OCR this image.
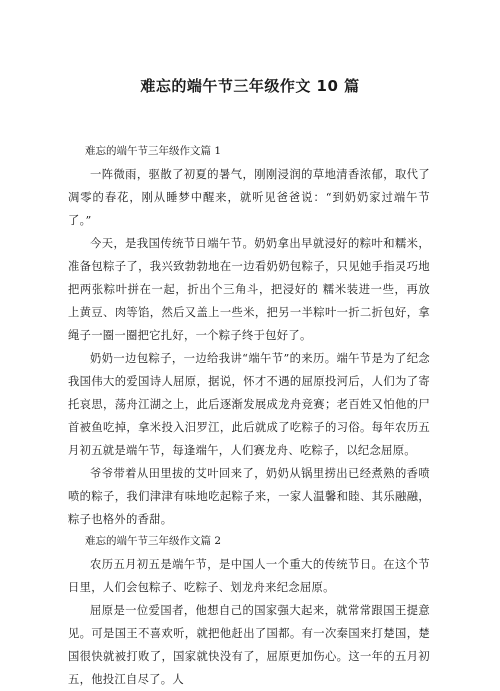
难忘的端午节三年级作文 10 篇
难忘的端午节三年级作文篇 1

一阵微雨，驱散了初夏的暑气，刚刚浸润的草地清香浓郁，取代了凋零的春花，刚从睡梦中醒来，就听见爸爸说：“到奶奶家过端午节了。”

今天，是我国传统节日端午节。奶奶拿出早就浸好的粽叶和糯米，准备包粽子了，我兴致勃勃地在一边看奶奶包粽子，只见她手指灵巧地把两张粽叶拼在一起，折出个三角斗，把浸好的 糯米装进一些，再放上黄豆、肉等馅，然后又盖上一些米，把另一半粽叶一折二折包好，拿绳子一圈一圈把它扎好，一个粽子终于包好了。

奶奶一边包粽子，一边给我讲“端午节”的来历。端午节是为了纪念我国伟大的爱国诗人屈原，据说，怀才不遇的屈原投河后，人们为了寄托哀思，荡舟江湖之上，此后逐渐发展成龙舟竞赛；老百姓又怕他的尸首被鱼吃掉，拿米投入汨罗江，此后就成了吃粽子的习俗。每年农历五月初五就是端午节，每逢端午，人们赛龙舟、吃粽子，以纪念屈原。

爷爷带着从田里拔的艾叶回来了，奶奶从锅里捞出已经煮熟的香喷喷的粽子，我们津津有味地吃起粽子来，一家人温馨和睦、其乐融融，粽子也格外的香甜。

难忘的端午节三年级作文篇 2

农历五月初五是端午节，是中国人一个重大的传统节日。在这个节日里，人们会包粽子、吃粽子、划龙舟来纪念屈原。

屈原是一位爱国者，他想自己的国家强大起来，就常常跟国王提意见。可是国王不喜欢听，就把他赶出了国都。有一次秦国来打楚国，楚国很快就被打败了，国家就快没有了，屈原更加伤心。这一年的五月初五，他投江自尽了。人
